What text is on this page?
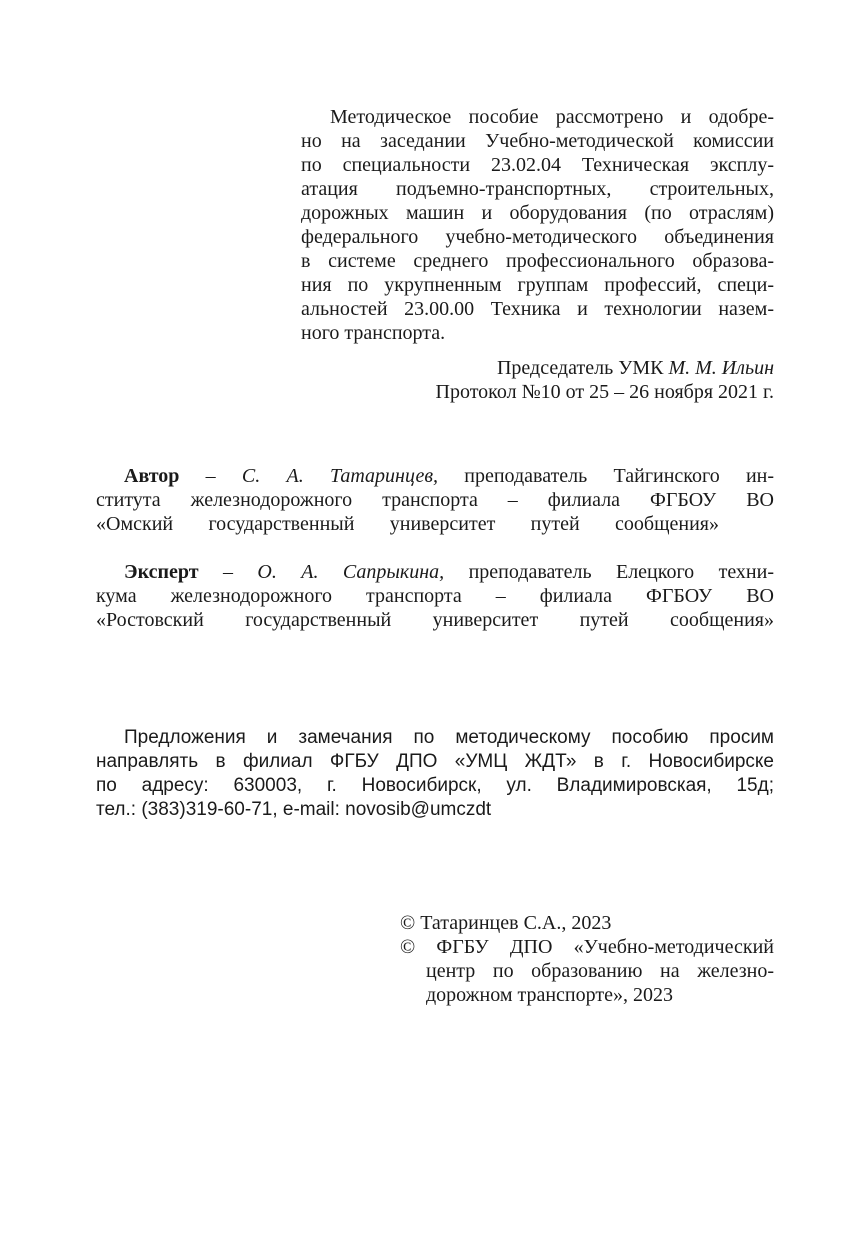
Методическое пособие рассмотрено и одобре-
но на заседании Учебно-методической комиссии
по специальности 23.02.04 Техническая эксплу-
атация подъемно-транспортных, строительных,
дорожных машин и оборудования (по отраслям)
федерального учебно-методического объединения
в системе среднего профессионального образова-
ния по укрупненным группам профессий, специ-
альностей 23.00.00 Техника и технологии назем-
ного транспорта.
Председатель УМК М. М. Ильин
Протокол №10 от 25 – 26 ноября 2021 г.
Автор – С. А. Татаринцев, преподаватель Тайгинского ин-
ститута железнодорожного транспорта – филиала ФГБОУ ВО
«Омский государственный университет путей сообщения»
Эксперт – О. А. Сапрыкина, преподаватель Елецкого техни-
кума железнодорожного транспорта – филиала ФГБОУ ВО
«Ростовский государственный университет путей сообщения»
Предложения и замечания по методическому пособию просим
направлять в филиал ФГБУ ДПО «УМЦ ЖДТ» в г. Новосибирске
по адресу: 630003, г. Новосибирск, ул. Владимировская, 15д;
тел.: (383)319-60-71, e-mail: novosib@umczdt
© Татаринцев С.А., 2023
© ФГБУ ДПО «Учебно-методический
центр по образованию на железно-
дорожном транспорте», 2023
